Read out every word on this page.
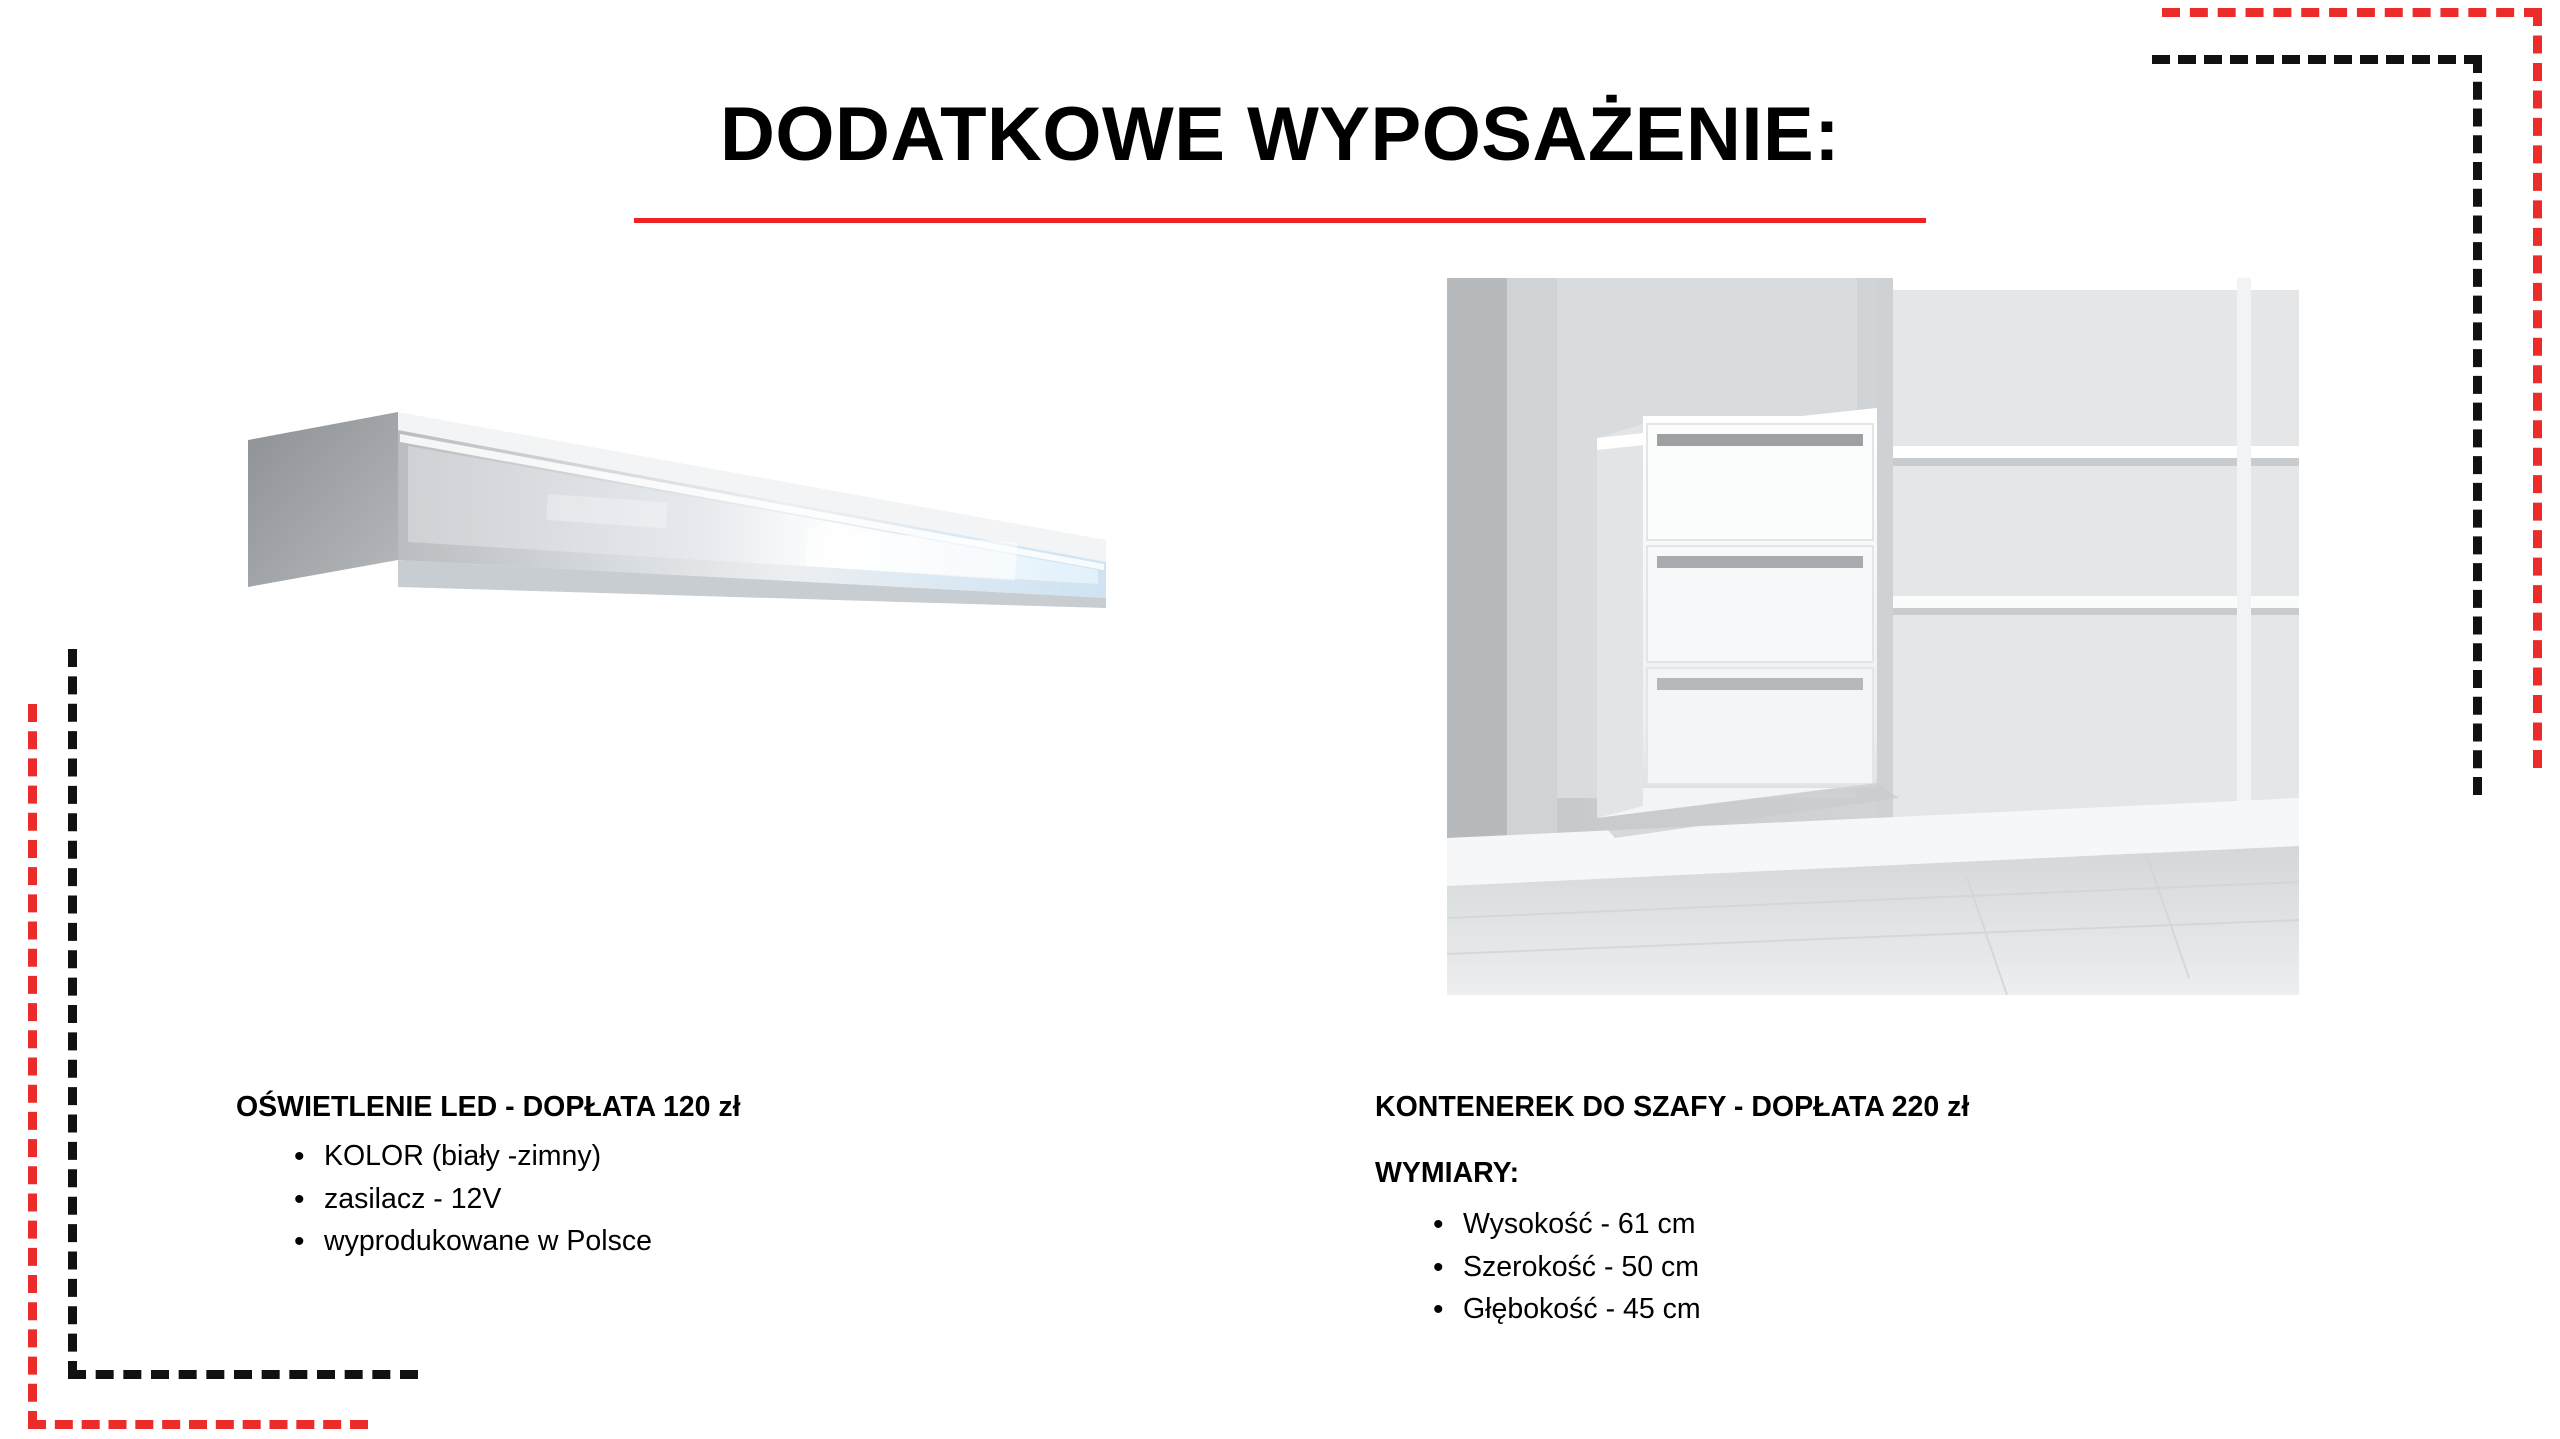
DODATKOWE WYPOSAŻENIE:
OŚWIETLENIE LED - DOPŁATA 120 zł
• KOLOR (biały -zimny)
• zasilacz - 12V
• wyprodukowane w Polsce
KONTENEREK DO SZAFY - DOPŁATA 220 zł
WYMIARY:
• Wysokość - 61 cm
• Szerokość - 50 cm
• Głębokość - 45 cm
